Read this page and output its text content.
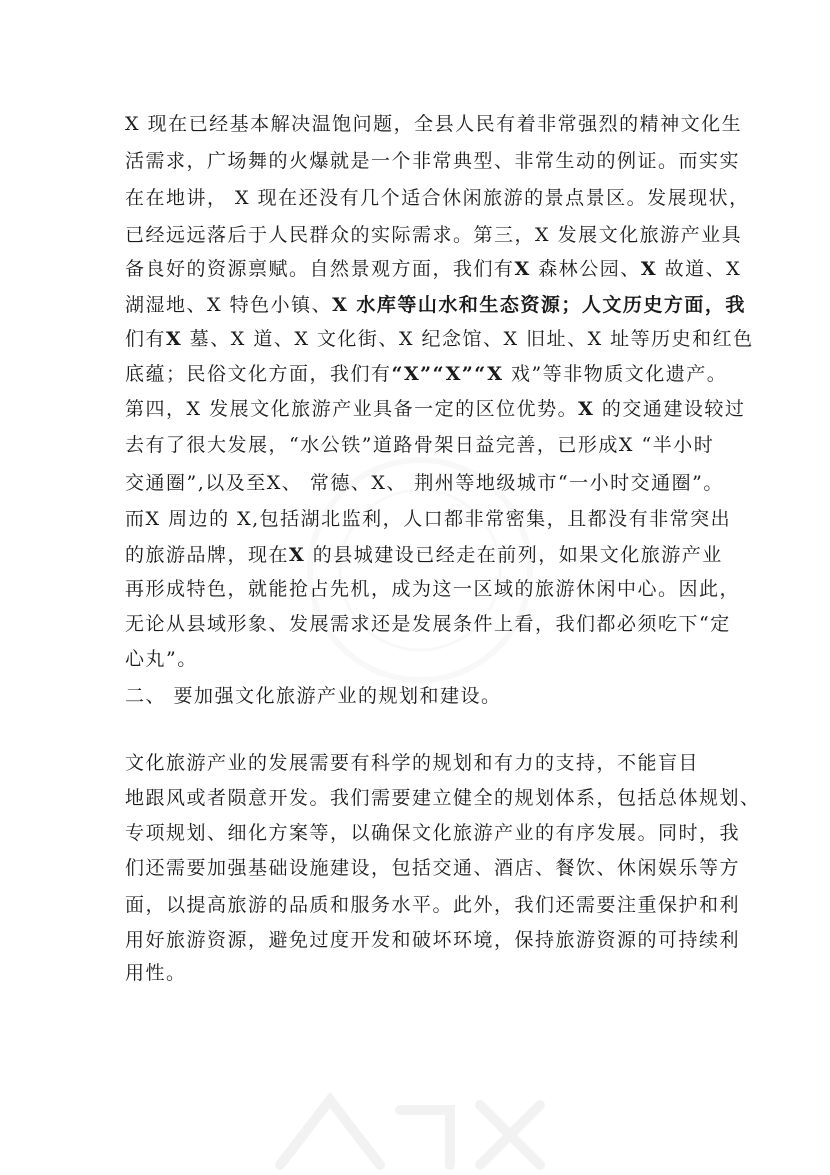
X 现在已经基本解决温饱问题，全县人民有着非常强烈的精神文化生
活需求，广场舞的火爆就是一个非常典型、非常生动的例证。而实实
在在地讲， X 现在还没有几个适合休闲旅游的景点景区。发展现状，
已经远远落后于人民群众的实际需求。第三，X 发展文化旅游产业具
备良好的资源禀赋。自然景观方面，我们有X 森林公园、X 故道、X
湖湿地、X 特色小镇、X 水库等山水和生态资源；人文历史方面，我
们有X 墓、X 道、X 文化街、X 纪念馆、X 旧址、X 址等历史和红色
底蕴；民俗文化方面，我们有“X”“X”“X 戏”等非物质文化遗产。
第四，X 发展文化旅游产业具备一定的区位优势。X 的交通建设较过
去有了很大发展，“水公铁”道路骨架日益完善，已形成X “半小时
交通圈”,以及至X、 常德、X、 荆州等地级城市“一小时交通圈”。
而X 周边的 X,包括湖北监利，人口都非常密集，且都没有非常突出
的旅游品牌，现在X 的县城建设已经走在前列，如果文化旅游产业
再形成特色，就能抢占先机，成为这一区域的旅游休闲中心。因此，
无论从县域形象、发展需求还是发展条件上看，我们都必须吃下“定
心丸”。
二、 要加强文化旅游产业的规划和建设。
文化旅游产业的发展需要有科学的规划和有力的支持，不能盲目
地跟风或者陨意开发。我们需要建立健全的规划体系，包括总体规划、
专项规划、细化方案等，以确保文化旅游产业的有序发展。同时，我
们还需要加强基础设施建设，包括交通、酒店、餐饮、休闲娱乐等方
面，以提高旅游的品质和服务水平。此外，我们还需要注重保护和利
用好旅游资源，避免过度开发和破坏环境，保持旅游资源的可持续利
用性。
